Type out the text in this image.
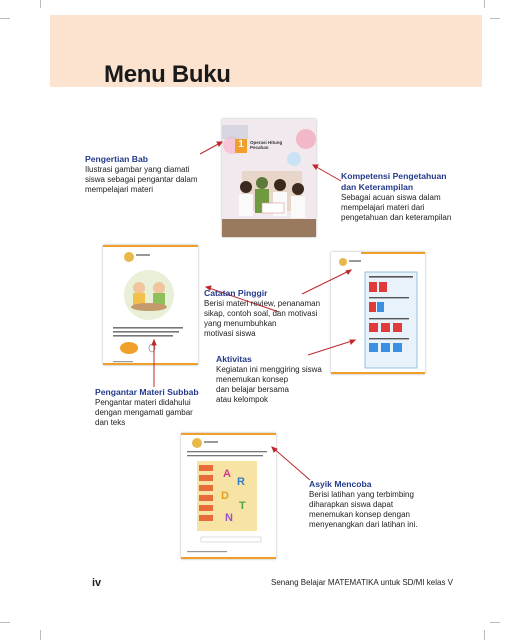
Menu Buku
1	Operasi Hitung Pecahan
A
R
D
T
N
Pengertian Bab
Ilustrasi gambar yang diamati
siswa sebagai pengantar dalam
mempelajari materi
Kompetensi Pengetahuan
dan Keterampilan
Sebagai acuan siswa dalam
mempelajari materi dari
pengetahuan dan keterampilan
Catatan Pinggir
Berisi materi review, penanaman
sikap, contoh soal, dan motivasi
yang menumbuhkan
motivasi siswa
Aktivitas
Kegiatan ini menggiring siswa
menemukan konsep
dan belajar bersama
atau kelompok
Pengantar Materi Subbab
Pengantar materi didahului
dengan mengamati gambar
dan teks
Asyik Mencoba
Berisi latihan yang terbimbing
diharapkan siswa dapat
menemukan konsep dengan
menyenangkan dari latihan ini.
iv	Senang Belajar MATEMATIKA untuk SD/MI kelas V
